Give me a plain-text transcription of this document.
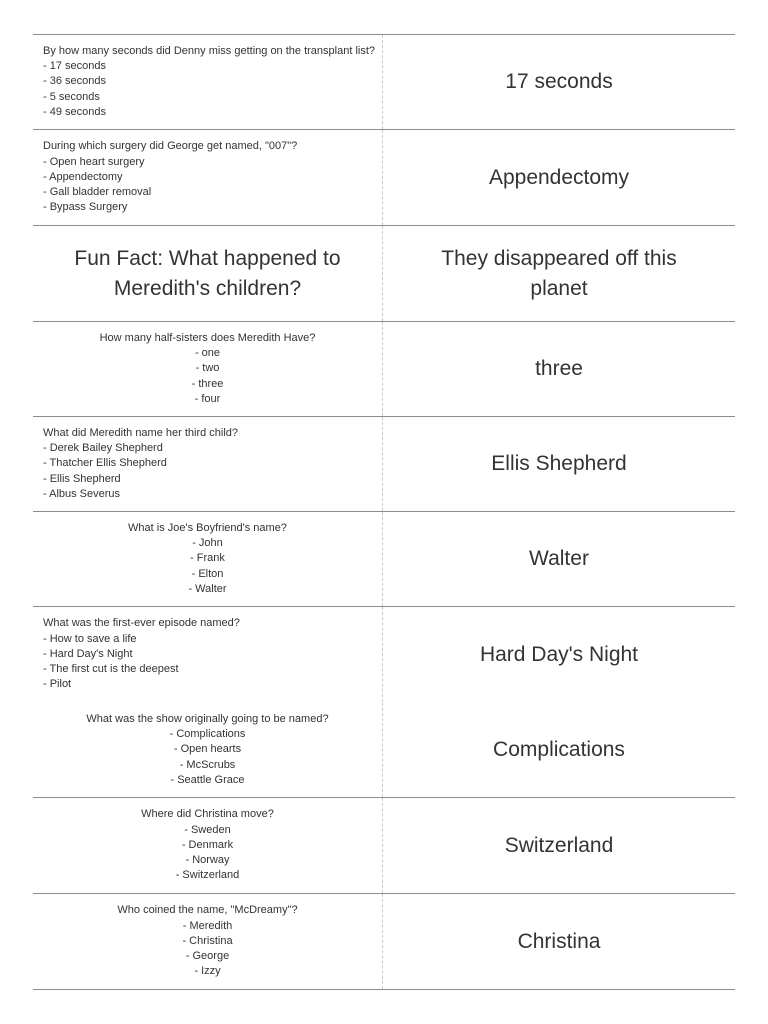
By how many seconds did Denny miss getting on the transplant list?
- 17 seconds
- 36 seconds
- 5 seconds
- 49 seconds
17 seconds
During which surgery did George get named, "007"?
- Open heart surgery
- Appendectomy
- Gall bladder removal
- Bypass Surgery
Appendectomy
Fun Fact: What happened to
Meredith's children?
They disappeared off this
planet
How many half-sisters does Meredith Have?
- one
- two
- three
- four
three
What did Meredith name her third child?
- Derek Bailey Shepherd
- Thatcher Ellis Shepherd
- Ellis Shepherd
- Albus Severus
Ellis Shepherd
What is Joe's Boyfriend's name?
- John
- Frank
- Elton
- Walter
Walter
What was the first-ever episode named?
- How to save a life
- Hard Day's Night
- The first cut is the deepest
- Pilot
Hard Day's Night
What was the show originally going to be named?
- Complications
- Open hearts
- McScrubs
- Seattle Grace
Complications
Where did Christina move?
- Sweden
- Denmark
- Norway
- Switzerland
Switzerland
Who coined the name, "McDreamy"?
- Meredith
- Christina
- George
- Izzy
Christina
